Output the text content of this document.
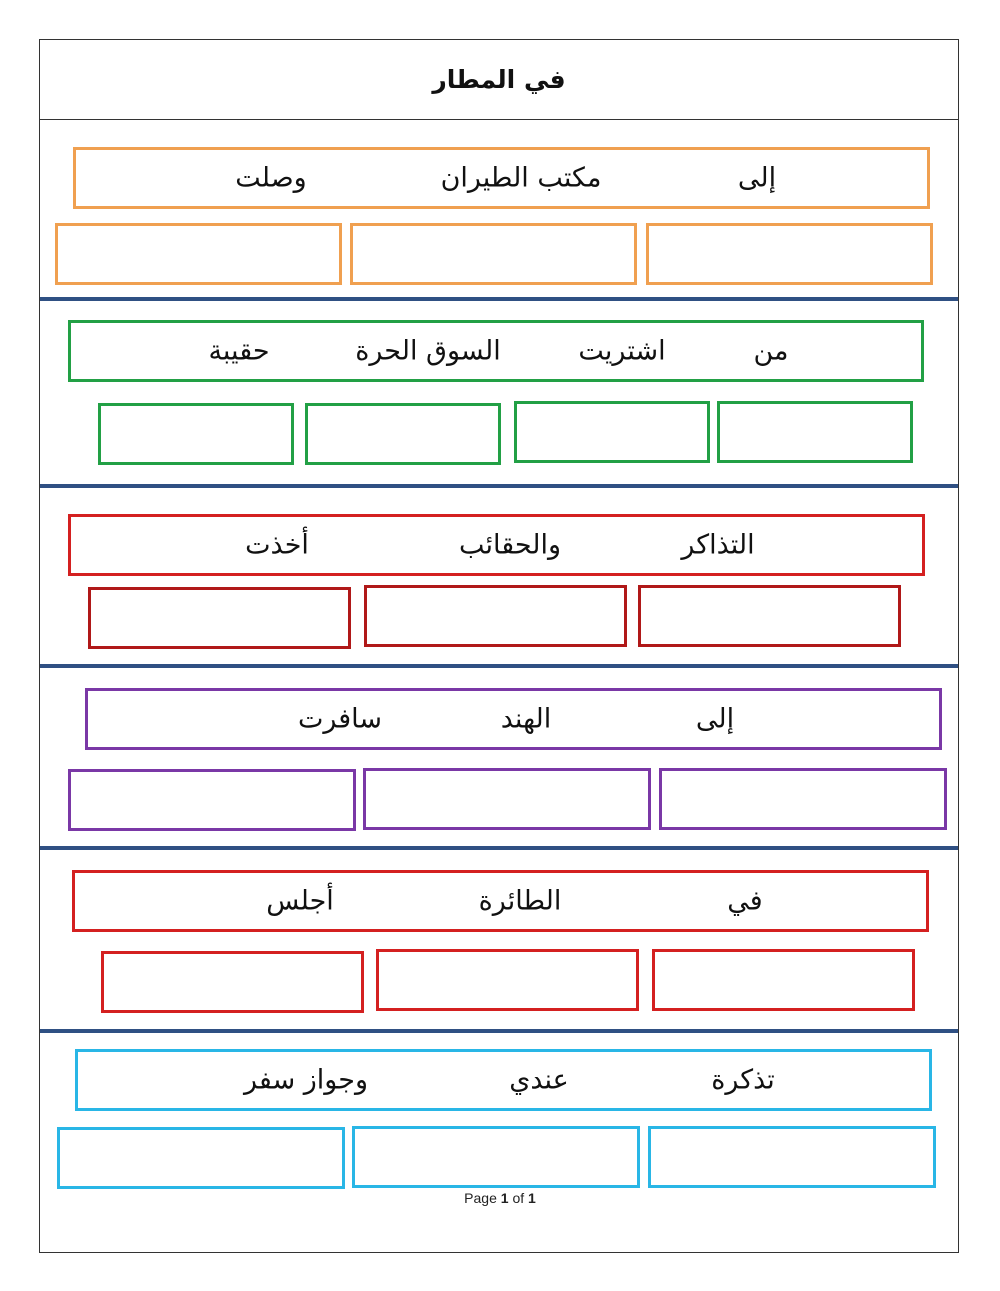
في المطار
إلى
مكتب الطيران
وصلت
من
اشتريت
السوق الحرة
حقيبة
التذاكر
والحقائب
أخذت
إلى
الهند
سافرت
في
الطائرة
أجلس
تذكرة
عندي
وجواز سفر
Page 1 of 1
